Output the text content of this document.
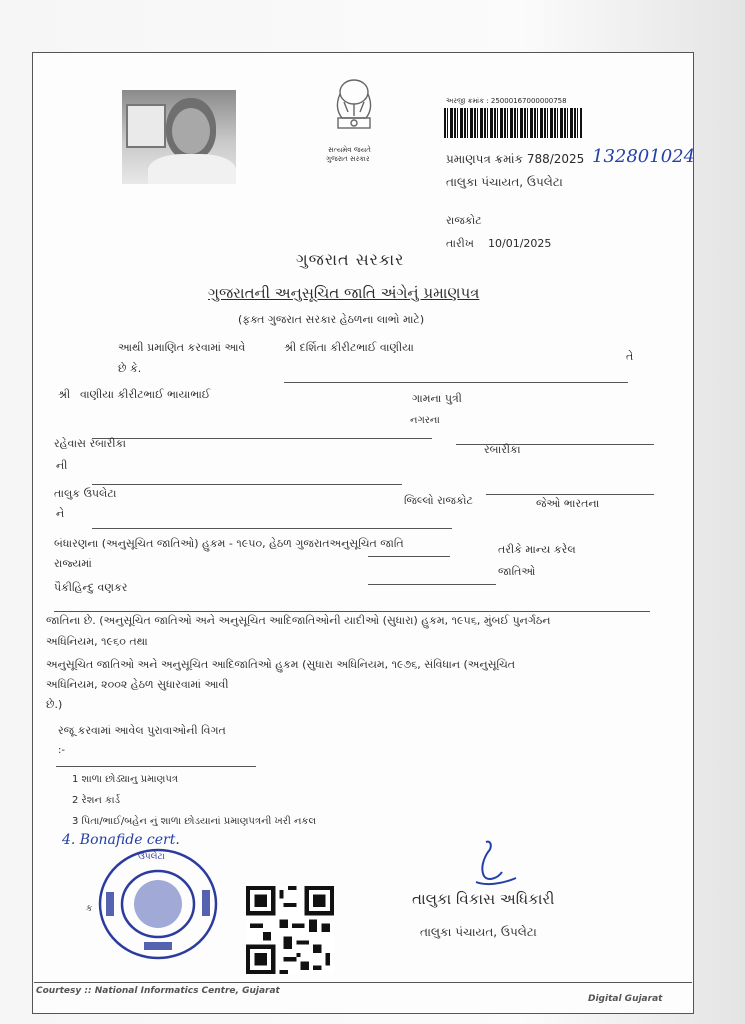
સત્યમેવ જયતે
ગુજરાત સરકાર
અરજી ક્રમાંક : 25000167000000758
પ્રમાણપત્ર ક્રમાંક 788/2025 132801024
તાલુકા પંચાયત, ઉપલેટા
રાજકોટ
તારીખ 10/01/2025
ગુજરાત સરકાર
ગુજરાતની અનુસૂચિત જાતિ અંગેનું પ્રમાણપત્ર
(ફક્ત ગુજરાત સરકાર હેઠળના લાભો માટે)
આથી પ્રમાણિત કરવામાં આવે
છે કે.
શ્રી દર્શિતા કીરીટભાઈ વાણીયા
તે
શ્રી વાણીયા કીરીટભાઈ ભાયાભાઈ	ગામના પુત્રી
નગરના
રહેવાસ રબારીકા	રબારીકા
ની
તાલુક ઉપલેટા
જિલ્લો રાજકોટ	જેઓ ભારતના
ને
બંધારણના (અનુસૂચિત જાતિઓ) હુકમ - ૧૯૫૦, હેઠળ ગુજરાતઅનુસૂચિત જાતિ	તરીકે માન્ય કરેલ
રાજ્યમાં
જાતિઓ
પૈકીહિન્દુ વણકર
જાતિના છે. (અનુસૂચિત જાતિઓ અને અનુસૂચિત આદિજાતિઓની યાદીઓ (સુધારા) હુકમ, ૧૯૫૬, મુંબઈ પુનર્ગઠન
અધિનિયમ, ૧૯૬૦ તથા
અનુસૂચિત જાતિઓ અને અનુસૂચિત આદિજાતિઓ હુકમ (સુધારા અધિનિયમ, ૧૯૭૬, સંવિધાન (અનુસૂચિત
અધિનિયમ, ૨૦૦૨ હેઠળ સુધારવામાં આવી
છે.)
રજૂ કરવામાં આવેલ પુરાવાઓની વિગત
:-
1 શાળા છોડ્યાનુ પ્રમાણપત્ર
2 રેશન કાર્ડ
3 પિતા/ભાઈ/બહેન નું શાળા છોડયાનાં પ્રમાણપત્રની ખરી નકલ
4. Bonafide cert.
ઉપલેટા
ક
તાલુકા વિકાસ અધિકારી
તાલુકા પંચાયત, ઉપલેટા
Courtesy :: National Informatics Centre, Gujarat
Digital Gujarat
